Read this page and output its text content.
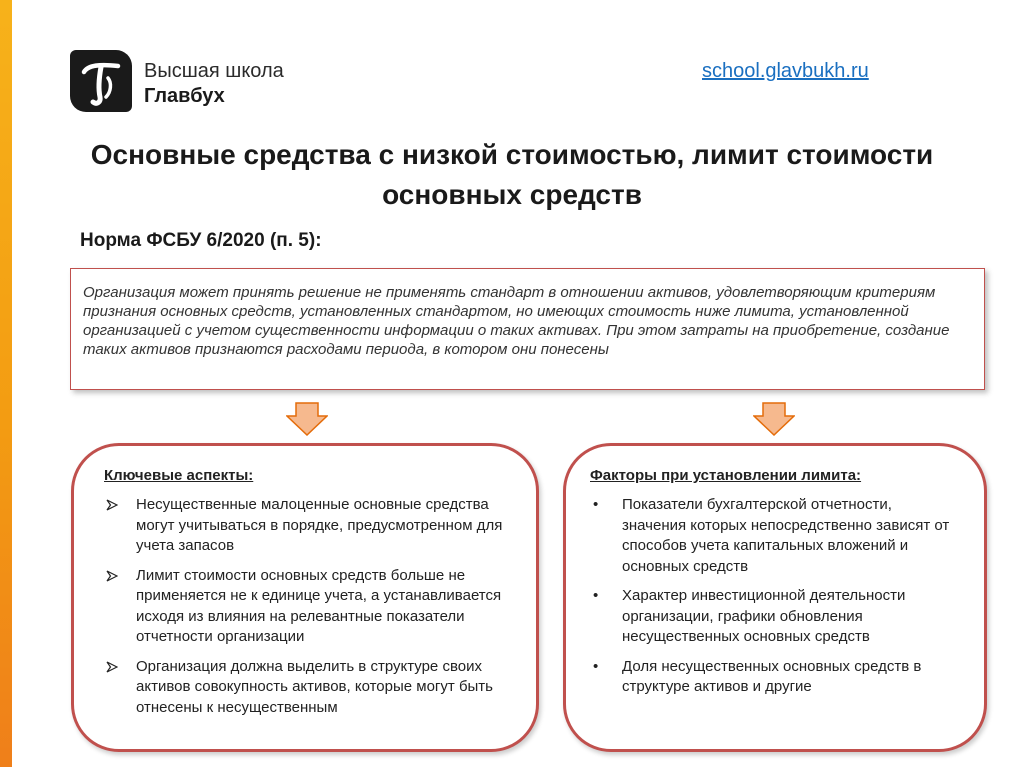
Высшая школа
Главбух
school.glavbukh.ru
Основные средства с низкой стоимостью, лимит стоимости основных средств
Норма ФСБУ 6/2020 (п. 5):
Организация может принять решение не применять стандарт в отношении активов, удовлетворяющим критериям признания основных средств, установленных стандартом, но имеющих стоимость ниже лимита, установленной организацией с учетом существенности информации о таких активах. При этом затраты на приобретение, создание таких активов признаются расходами периода, в котором они понесены
Ключевые аспекты:
Несущественные малоценные основные средства могут учитываться в порядке, предусмотренном для учета запасов
Лимит стоимости основных средств больше не применяется не к единице учета, а устанавливается исходя из влияния на релевантные показатели отчетности организации
Организация должна выделить в структуре своих активов совокупность активов, которые могут быть отнесены к несущественным
Факторы при установлении лимита:
• Показатели бухгалтерской отчетности, значения которых непосредственно зависят от способов учета капитальных вложений и основных средств
• Характер инвестиционной деятельности организации, графики обновления несущественных основных средств
• Доля несущественных основных средств в структуре активов и другие
